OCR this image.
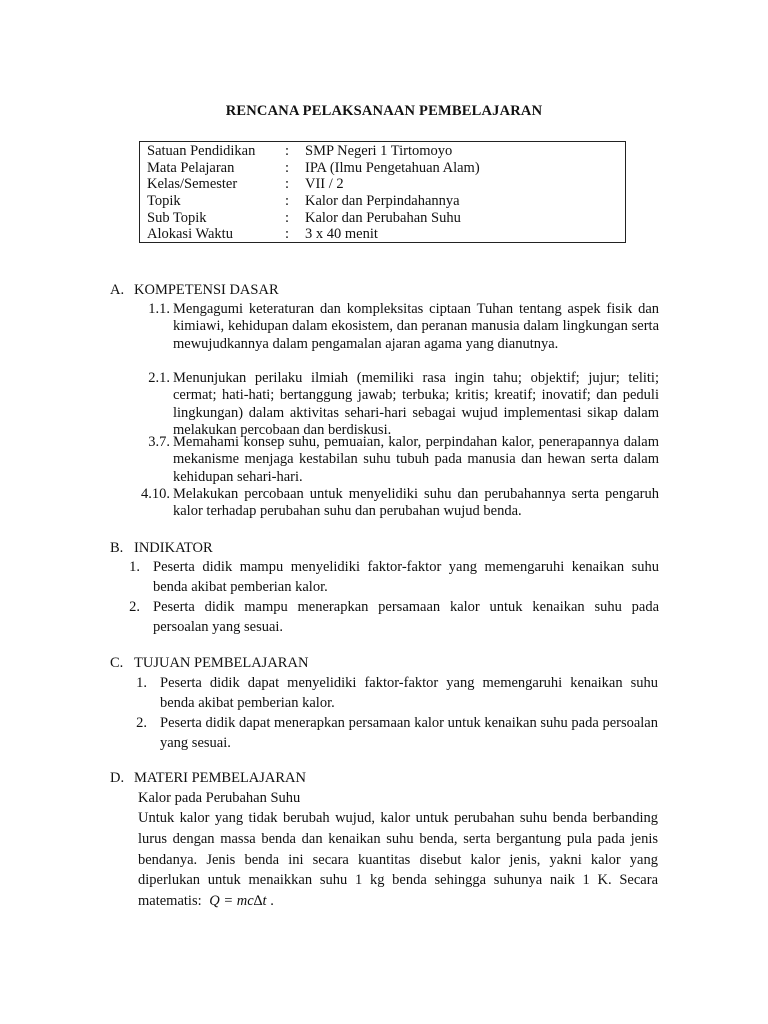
RENCANA PELAKSANAAN PEMBELAJARAN
Satuan Pendidikan : SMP Negeri 1 Tirtomoyo
Mata Pelajaran	: IPA (Ilmu Pengetahuan Alam)
Kelas/Semester	: VII / 2
Topik	: Kalor dan Perpindahannya
Sub Topik	: Kalor dan Perubahan Suhu
Alokasi Waktu	: 3 x 40 menit
A. KOMPETENSI DASAR
1.1. Mengagumi keteraturan dan kompleksitas ciptaan Tuhan tentang aspek fisik dan kimiawi, kehidupan dalam ekosistem, dan peranan manusia dalam lingkungan serta mewujudkannya dalam pengamalan ajaran agama yang dianutnya.
2.1. Menunjukan perilaku ilmiah (memiliki rasa ingin tahu; objektif; jujur; teliti; cermat; hati-hati; bertanggung jawab; terbuka; kritis; kreatif; inovatif; dan peduli lingkungan) dalam aktivitas sehari-hari sebagai wujud implementasi sikap dalam melakukan percobaan dan berdiskusi.
3.7. Memahami konsep suhu, pemuaian, kalor, perpindahan kalor, penerapannya dalam mekanisme menjaga kestabilan suhu tubuh pada manusia dan hewan serta dalam kehidupan sehari-hari.
4.10. Melakukan percobaan untuk menyelidiki suhu dan perubahannya serta pengaruh kalor terhadap perubahan suhu dan perubahan wujud benda.
B. INDIKATOR
1. Peserta didik mampu menyelidiki faktor-faktor yang memengaruhi kenaikan suhu benda akibat pemberian kalor.
2. Peserta didik mampu menerapkan persamaan kalor untuk kenaikan suhu pada persoalan yang sesuai.
C. TUJUAN PEMBELAJARAN
1. Peserta didik dapat menyelidiki faktor-faktor yang memengaruhi kenaikan suhu benda akibat pemberian kalor.
2. Peserta didik dapat menerapkan persamaan kalor untuk kenaikan suhu pada persoalan yang sesuai.
D. MATERI PEMBELAJARAN
Kalor pada Perubahan Suhu
Untuk kalor yang tidak berubah wujud, kalor untuk perubahan suhu benda berbanding lurus dengan massa benda dan kenaikan suhu benda, serta bergantung pula pada jenis bendanya. Jenis benda ini secara kuantitas disebut kalor jenis, yakni kalor yang diperlukan untuk menaikkan suhu 1 kg benda sehingga suhunya naik 1 K. Secara matematis: Q = mc∆t .
